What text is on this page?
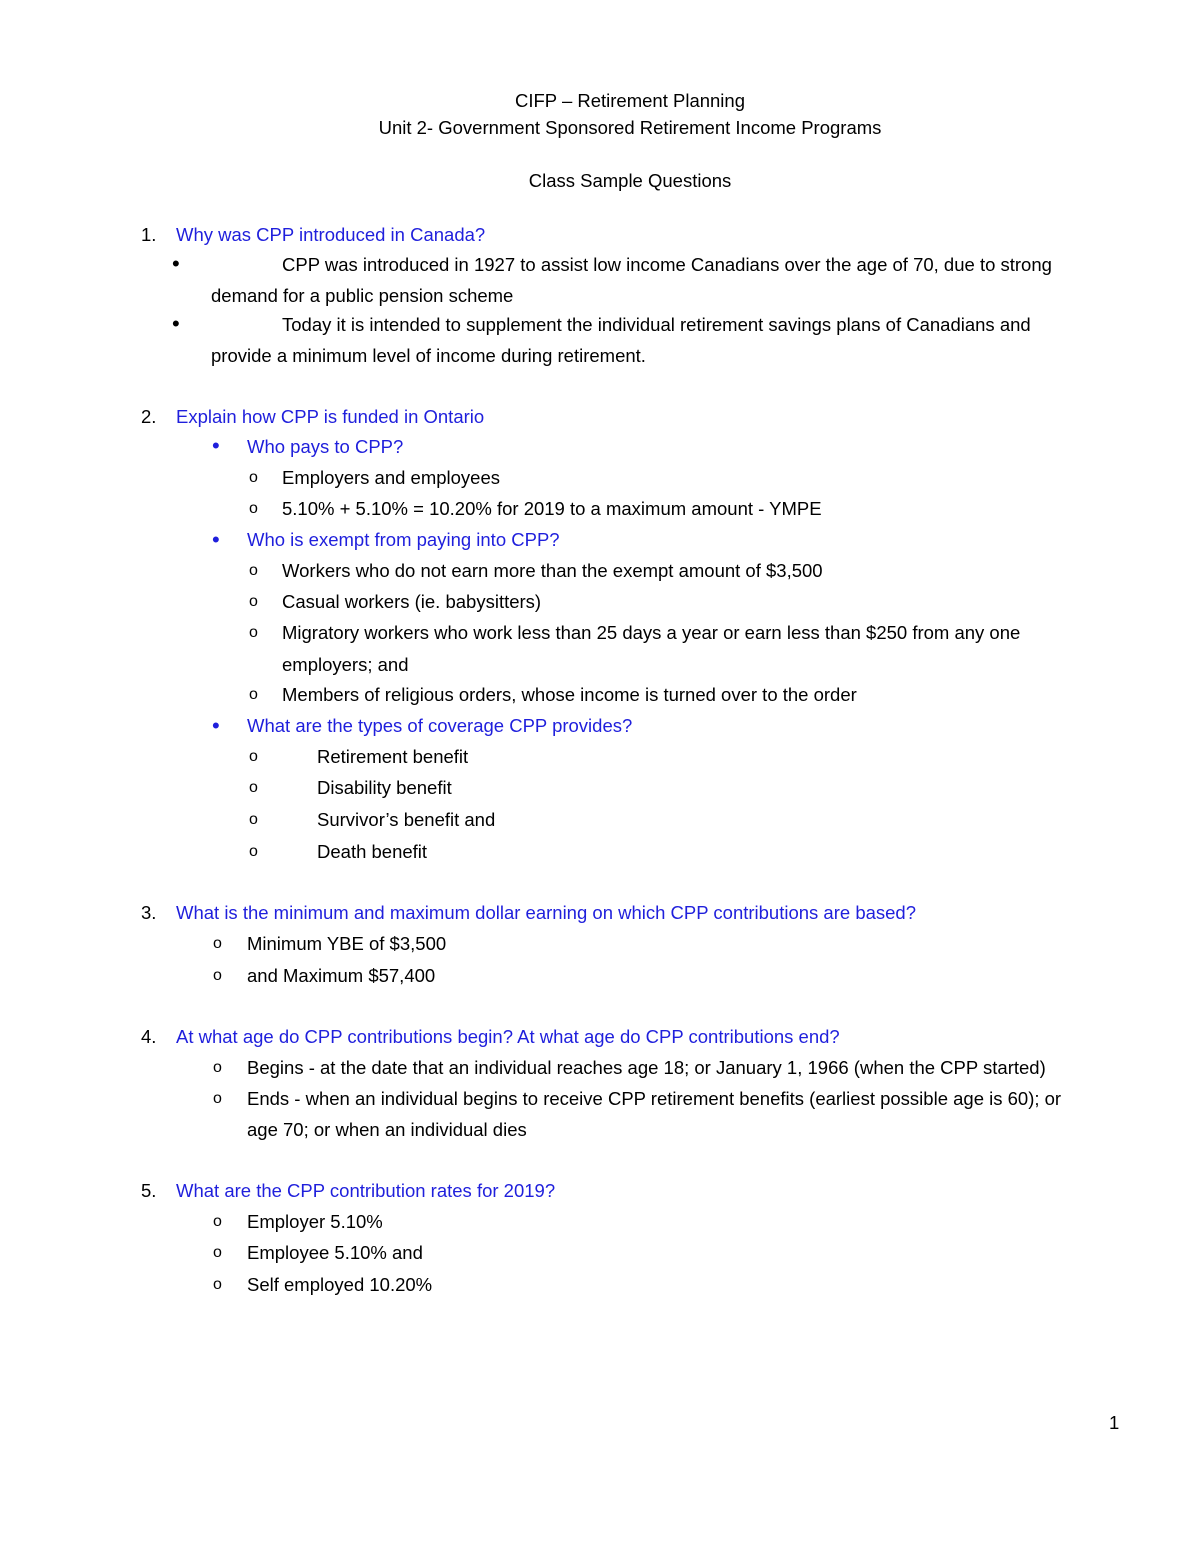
CIFP – Retirement Planning
Unit 2- Government Sponsored Retirement Income Programs
Class Sample Questions
1. Why was CPP introduced in Canada?
•	CPP was introduced in 1927 to assist low income Canadians over the age of 70, due to strong
demand for a public pension scheme
•	Today it is intended to supplement the individual retirement savings plans of Canadians and
provide a minimum level of income during retirement.
2. Explain how CPP is funded in Ontario
• Who pays to CPP?
o Employers and employees
o 5.10% + 5.10% = 10.20% for 2019 to a maximum amount - YMPE
• Who is exempt from paying into CPP?
o Workers who do not earn more than the exempt amount of $3,500
o Casual workers (ie. babysitters)
o Migratory workers who work less than 25 days a year or earn less than $250 from any one
employers; and
o Members of religious orders, whose income is turned over to the order
• What are the types of coverage CPP provides?
o	Retirement benefit
o	Disability benefit
o	Survivor’s benefit and
o	Death benefit
3. What is the minimum and maximum dollar earning on which CPP contributions are based?
o Minimum YBE of $3,500
o and Maximum $57,400
4. At what age do CPP contributions begin? At what age do CPP contributions end?
o Begins - at the date that an individual reaches age 18; or January 1, 1966 (when the CPP started)
o Ends - when an individual begins to receive CPP retirement benefits (earliest possible age is 60); or
age 70; or when an individual dies
5. What are the CPP contribution rates for 2019?
o Employer 5.10%
o Employee 5.10% and
o Self employed 10.20%
1
